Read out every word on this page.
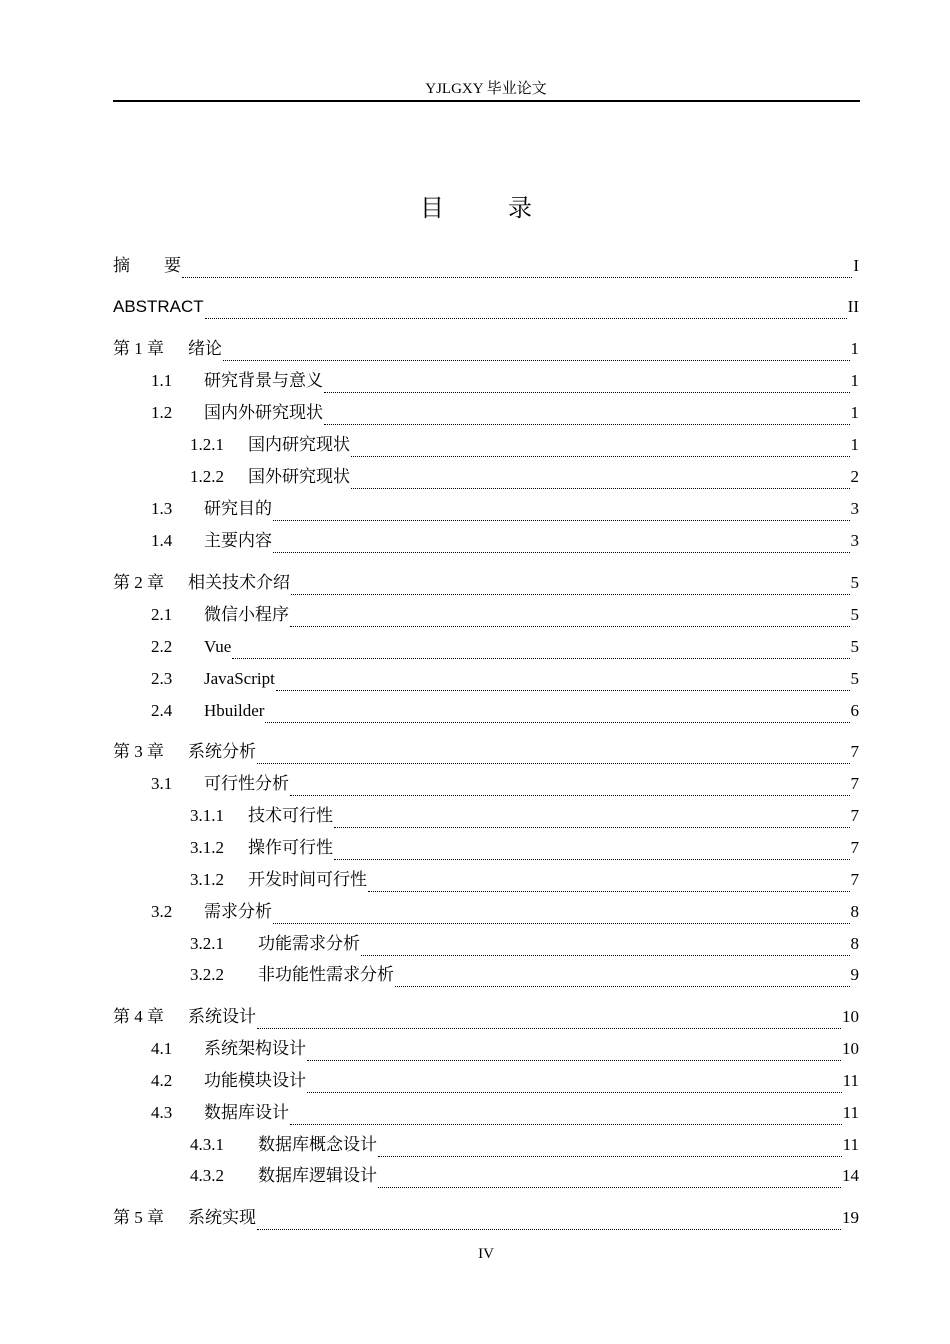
YJLGXY 毕业论文
目　录
摘　　要	I
ABSTRACT	II
第 1 章	绪论	1
1.1	研究背景与意义	1
1.2	国内外研究现状	1
1.2.1	国内研究现状	1
1.2.2	国外研究现状	2
1.3	研究目的	3
1.4	主要内容	3
第 2 章	相关技术介绍	5
2.1	微信小程序	5
2.2	Vue	5
2.3	JavaScript	5
2.4	Hbuilder	6
第 3 章	系统分析	7
3.1	可行性分析	7
3.1.1	技术可行性	7
3.1.2	操作可行性	7
3.1.2	开发时间可行性	7
3.2	需求分析	8
3.2.1	功能需求分析	8
3.2.2	非功能性需求分析	9
第 4 章	系统设计	10
4.1	系统架构设计	10
4.2	功能模块设计	11
4.3	数据库设计	11
4.3.1	数据库概念设计	11
4.3.2	数据库逻辑设计	14
第 5 章	系统实现	19
IV
